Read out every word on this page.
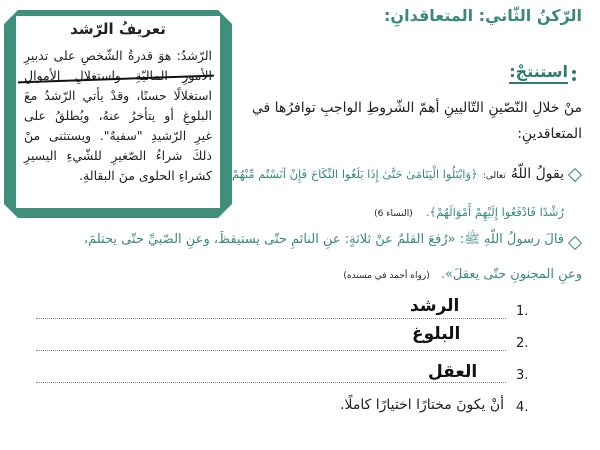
تعريفُ الرّشد
الرّشدُ: هوَ قدرةُ الشّخصِ على تدبيرِ
الأمورِ الماليّةِ واستغلالِ الأموالِ
استغلالًا حسنًا، وقدْ يأتي الرّشدُ معَ
البلوغِ أو يتأخرُ عنهُ، ويُطلقُ على
غيرِ الرّشيدِ "سفيهٌ". ويستثنى منْ
ذلكَ شراءُ الصّغيرِ للشّيءِ اليسيرِ
كشراءِ الحلوى منَ البقالةِ.
الرّكنُ الثّاني: المتعاقدانِ:
استنتجْ:
منْ خلالِ النّصّينِ التّاليينِ أهمّ الشّروطِ الواجبِ توافرُها في
المتعاقدينِ:
يقولُ اللّهُ تعالى: ﴿وَابْتَلُوا الْيَتَامَىٰ حَتَّىٰ إِذَا بَلَغُوا النِّكَاحَ فَإِنْ آنَسْتُم مِّنْهُمْ
رُشْدًا فَادْفَعُوا إِلَيْهِمْ أَمْوَالَهُمْ﴾. (النساء 6)
قالَ رسولُ اللّهِ ﷺ: «رُفعَ القلمُ عنْ ثلاثةٍ: عنِ النائمِ حتّى يستيقظَ، وعنِ الصّبيِّ حتّى يحتلمَ،
وعنِ المجنونِ حتّى يعقلَ». (رواه أحمد في مسنده)
1.
الرشد
2.
البلوغ
3.
العقل
4.
أنْ يكونَ مختارًا اختيارًا كاملًا.
